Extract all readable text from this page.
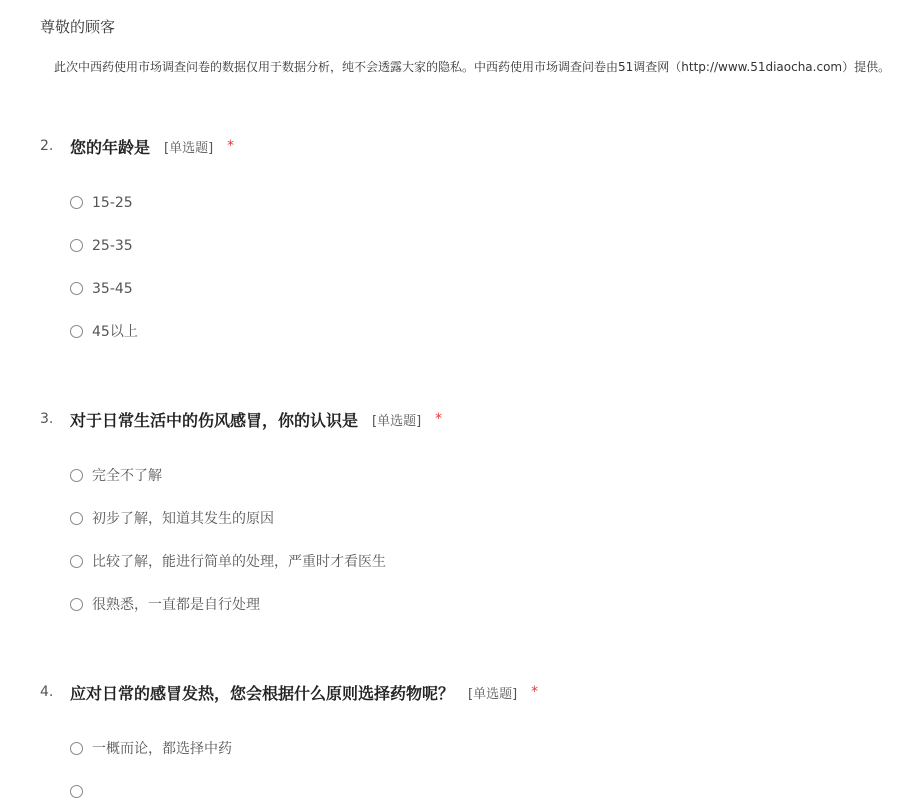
尊敬的顾客
此次中西药使用市场调查问卷的数据仅用于数据分析，纯不会透露大家的隐私。中西药使用市场调查问卷由51调查网（http://www.51diaocha.com）提供。
2.	您的年龄是 [单选题] *
15-25
25-35
35-45
45以上
3.	对于日常生活中的伤风感冒，你的认识是 [单选题] *
完全不了解
初步了解，知道其发生的原因
比较了解，能进行简单的处理，严重时才看医生
很熟悉，一直都是自行处理
4.	应对日常的感冒发热，您会根据什么原则选择药物呢？ [单选题] *
一概而论，都选择中药
